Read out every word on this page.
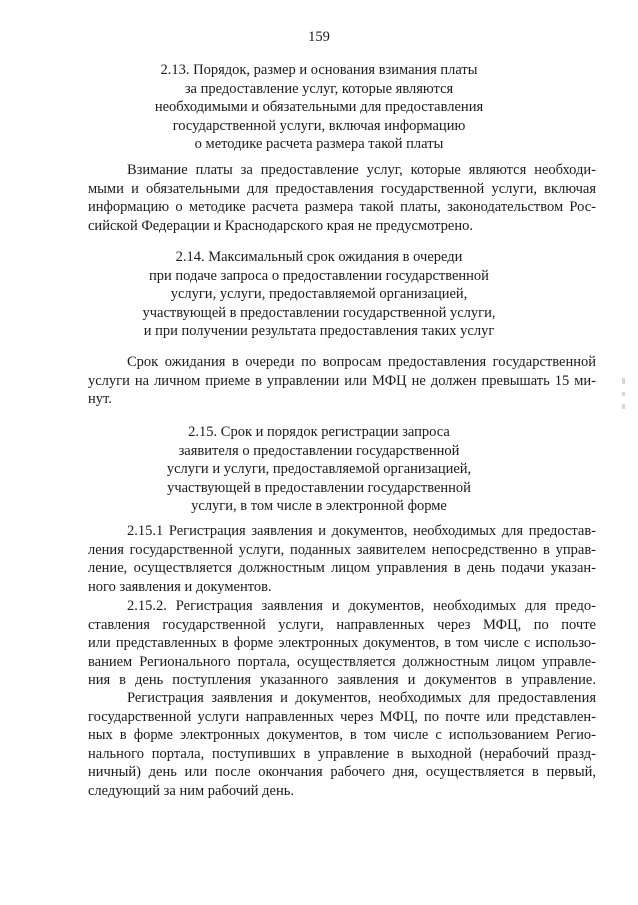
159
2.13. Порядок, размер и основания взимания платы
за предоставление услуг, которые являются
необходимыми и обязательными для предоставления
государственной услуги, включая информацию
о методике расчета размера такой платы
Взимание платы за предоставление услуг, которые являются необходи-
мыми и обязательными для предоставления государственной услуги, включая
информацию о методике расчета размера такой платы, законодательством Рос-
сийской Федерации и Краснодарского края не предусмотрено.
2.14. Максимальный срок ожидания в очереди
при подаче запроса о предоставлении государственной
услуги, услуги, предоставляемой организацией,
участвующей в предоставлении государственной услуги,
и при получении результата предоставления таких услуг
Срок ожидания в очереди по вопросам предоставления государственной
услуги на личном приеме в управлении или МФЦ не должен превышать 15 ми-
нут.
2.15. Срок и порядок регистрации запроса
заявителя о предоставлении государственной
услуги и услуги, предоставляемой организацией,
участвующей в предоставлении государственной
услуги, в том числе в электронной форме
2.15.1 Регистрация заявления и документов, необходимых для предостав-
ления государственной услуги, поданных заявителем непосредственно в управ-
ление, осуществляется должностным лицом управления в день подачи указан-
ного заявления и документов.
2.15.2. Регистрация заявления и документов, необходимых для предо-
ставления государственной услуги, направленных через МФЦ, по почте
или представленных в форме электронных документов, в том числе с использо-
ванием Регионального портала, осуществляется должностным лицом управле-
ния в день поступления указанного заявления и документов в управление.
Регистрация заявления и документов, необходимых для предоставления
государственной услуги направленных через МФЦ, по почте или представлен-
ных в форме электронных документов, в том числе с использованием Регио-
нального портала, поступивших в управление в выходной (нерабочий празд-
ничный) день или после окончания рабочего дня, осуществляется в первый,
следующий за ним рабочий день.
